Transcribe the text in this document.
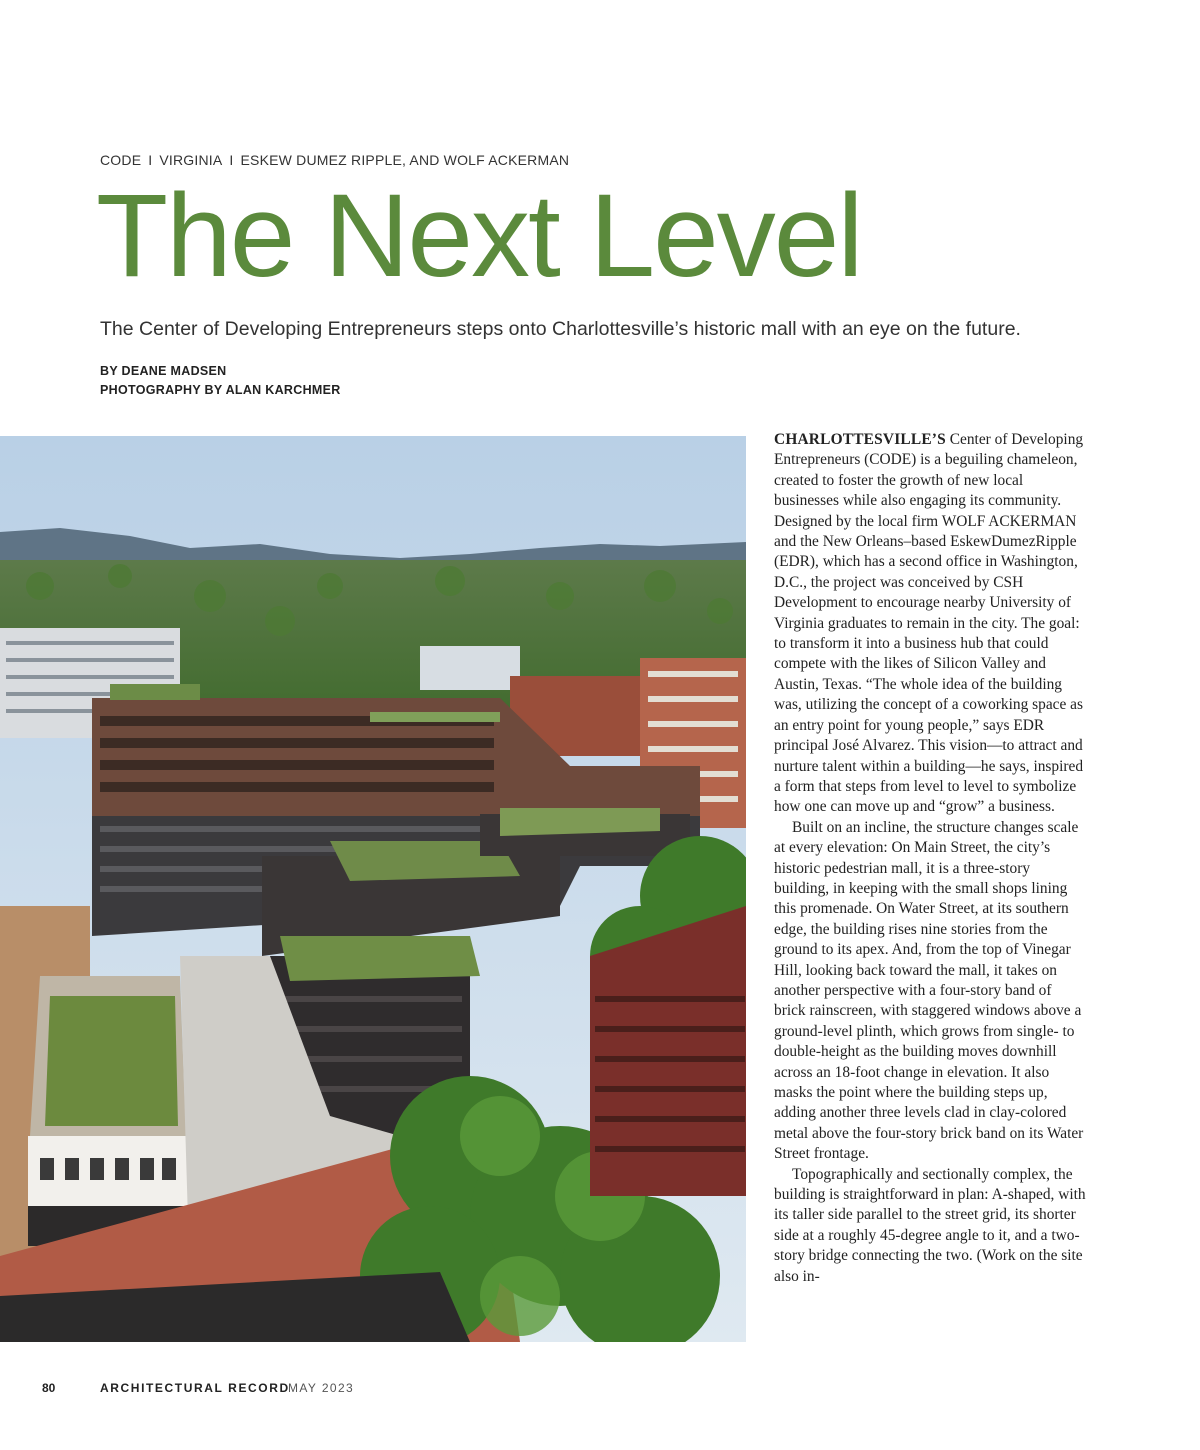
CODE I VIRGINIA I ESKEW DUMEZ RIPPLE, AND WOLF ACKERMAN
The Next Level
The Center of Developing Entrepreneurs steps onto Charlottesville’s historic mall with an eye on the future.
BY DEANE MADSEN
PHOTOGRAPHY BY ALAN KARCHMER

CHARLOTTESVILLE’S Center of Developing Entrepreneurs (CODE) is a beguiling chameleon, created to foster the growth of new local businesses while also engaging its community. Designed by the local firm WOLF ACKERMAN and the New Orleans–based EskewDumezRipple (EDR), which has a second office in Washington, D.C., the project was conceived by CSH Development to encourage nearby University of Virginia graduates to remain in the city. The goal: to transform it into a business hub that could compete with the likes of Silicon Valley and Austin, Texas. “The whole idea of the building was, utilizing the concept of a coworking space as an entry point for young people,” says EDR principal José Alvarez. This vision—to attract and nurture talent within a building—he says, inspired a form that steps from level to level to symbolize how one can move up and “grow” a business.

Built on an incline, the structure changes scale at every elevation: On Main Street, the city’s historic pedestrian mall, it is a three-story building, in keeping with the small shops lining this promenade. On Water Street, at its southern edge, the building rises nine stories from the ground to its apex. And, from the top of Vinegar Hill, looking back toward the mall, it takes on another perspective with a four-story band of brick rainscreen, with staggered windows above a ground-level plinth, which grows from single- to double-height as the building moves downhill across an 18-foot change in elevation. It also masks the point where the building steps up, adding another three levels clad in clay-colored metal above the four-story brick band on its Water Street frontage.

Topographically and sectionally complex, the building is straightforward in plan: A-shaped, with its taller side parallel to the street grid, its shorter side at a roughly 45-degree angle to it, and a two-story bridge connecting the two. (Work on the site also in-

80	ARCHITECTURAL RECORD
MAY 2023
